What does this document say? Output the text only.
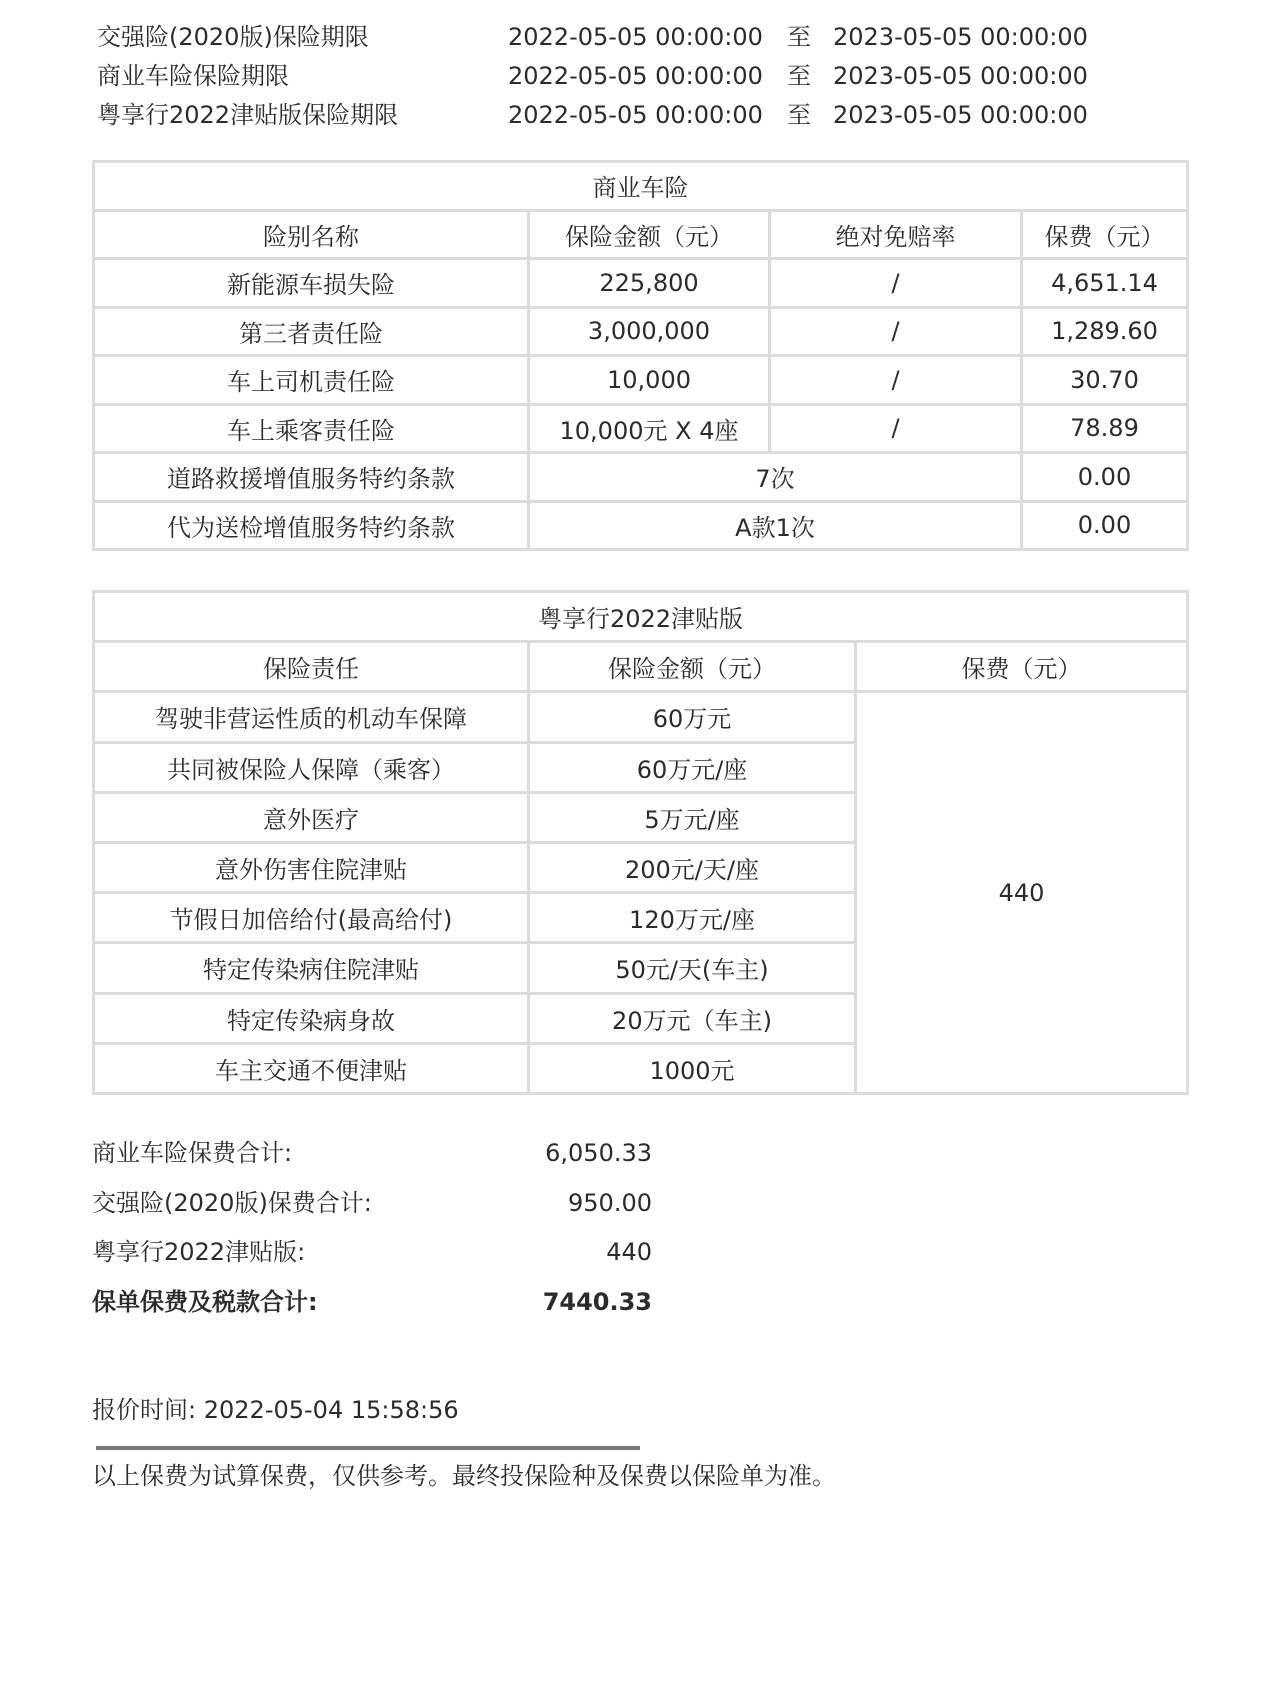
交强险(2020版)保险期限	2022-05-05 00:00:00 至 2023-05-05 00:00:00
商业车险保险期限	2022-05-05 00:00:00 至 2023-05-05 00:00:00
粤享行2022津贴版保险期限	2022-05-05 00:00:00 至 2023-05-05 00:00:00
商业车险			
险别名称	保险金额（元）	绝对免赔率	保费（元）
新能源车损失险	225,800	/	4,651.14
第三者责任险	3,000,000	/	1,289.60
车上司机责任险	10,000	/	30.70
车上乘客责任险	10,000元 X 4座	/	78.89
道路救援增值服务特约条款	7次		0.00
代为送检增值服务特约条款	A款1次		0.00
粤享行2022津贴版		
保险责任	保险金额（元）	保费（元）
驾驶非营运性质的机动车保障	60万元	440
共同被保险人保障（乘客）	60万元/座	
意外医疗	5万元/座	
意外伤害住院津贴	200元/天/座	
节假日加倍给付(最高给付)	120万元/座	
特定传染病住院津贴	50元/天(车主)	
特定传染病身故	20万元（车主)	
车主交通不便津贴	1000元	
商业车险保费合计:	6,050.33
交强险(2020版)保费合计:	950.00
粤享行2022津贴版:	440
保单保费及税款合计:	7440.33
报价时间: 2022-05-04 15:58:56
以上保费为试算保费，仅供参考。最终投保险种及保费以保险单为准。
